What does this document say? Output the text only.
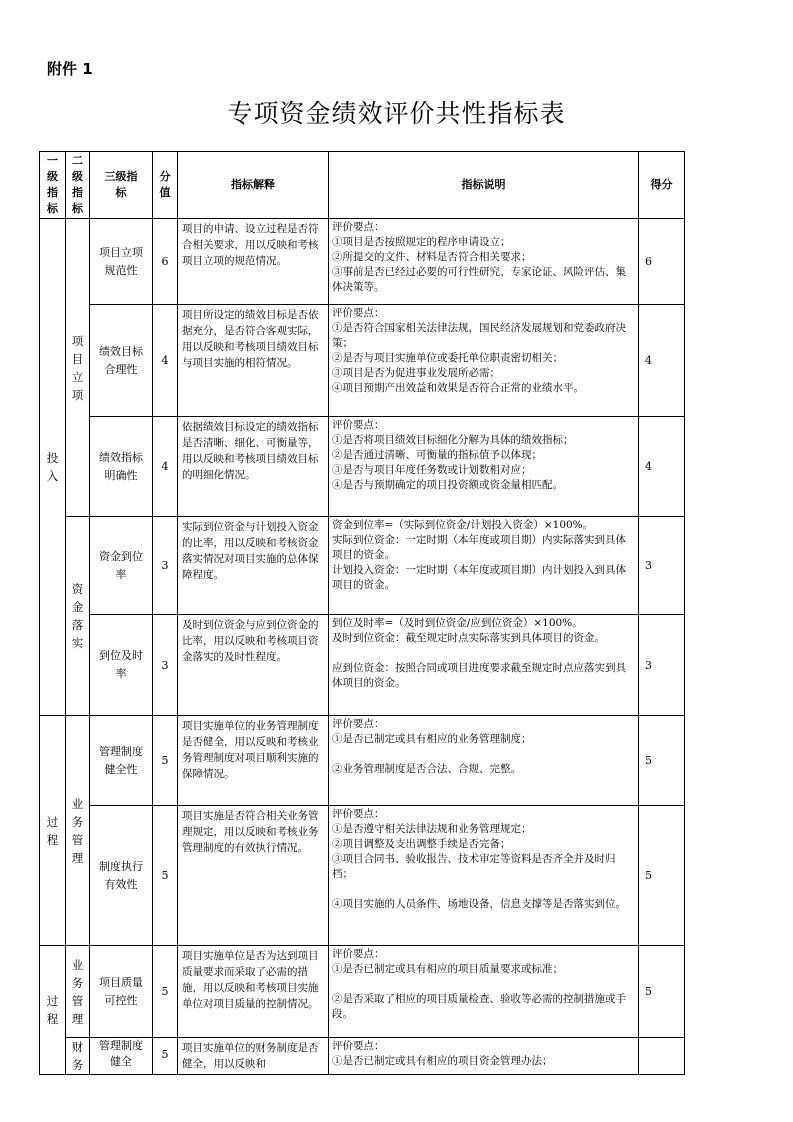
附件 1
专项资金绩效评价共性指标表
一级指标	二级指标	三级指标	分值	指标解释	指标说明	得分
投入	项目立项	项目立项规范性	6	项目的申请、设立过程是否符合相关要求，用以反映和考核项目立项的规范情况。	评价要点：
①项目是否按照规定的程序申请设立；
②所提交的文件、材料是否符合相关要求；
③事前是否已经过必要的可行性研究、专家论证、风险评估、集体决策等。	6
		绩效目标合理性	4	项目所设定的绩效目标是否依据充分，是否符合客观实际，用以反映和考核项目绩效目标与项目实施的相符情况。	评价要点：
①是否符合国家相关法律法规，国民经济发展规划和党委政府决策；
②是否与项目实施单位或委托单位职责密切相关；
③项目是否为促进事业发展所必需；
④项目预期产出效益和效果是否符合正常的业绩水平。	4
		绩效指标明确性	4	依据绩效目标设定的绩效指标是否清晰、细化、可衡量等，用以反映和考核项目绩效目标的明细化情况。	评价要点：
①是否将项目绩效目标细化分解为具体的绩效指标；
②是否通过清晰、可衡量的指标值予以体现；
③是否与项目年度任务数或计划数相对应；
④是否与预期确定的项目投资额或资金量相匹配。	4
	资金落实	资金到位率	3	实际到位资金与计划投入资金的比率，用以反映和考核资金落实情况对项目实施的总体保障程度。	资金到位率=（实际到位资金/计划投入资金）×100%。
实际到位资金：一定时期（本年度或项目期）内实际落实到具体项目的资金。
计划投入资金：一定时期（本年度或项目期）内计划投入到具体项目的资金。	3
		到位及时率	3	及时到位资金与应到位资金的比率，用以反映和考核项目资金落实的及时性程度。	到位及时率=（及时到位资金/应到位资金）×100%。
及时到位资金：截至规定时点实际落实到具体项目的资金。
应到位资金：按照合同或项目进度要求截至规定时点应落实到具体项目的资金。	3
过程	业务管理	管理制度健全性	5	项目实施单位的业务管理制度是否健全，用以反映和考核业务管理制度对项目顺利实施的保障情况。	评价要点：
①是否已制定或具有相应的业务管理制度；
②业务管理制度是否合法、合规、完整。	5
		制度执行有效性	5	项目实施是否符合相关业务管理规定，用以反映和考核业务管理制度的有效执行情况。	评价要点：
①是否遵守相关法律法规和业务管理规定；
②项目调整及支出调整手续是否完备；
③项目合同书、验收报告、技术审定等资料是否齐全并及时归档；
④项目实施的人员条件、场地设备，信息支撑等是否落实到位。	5
过程	业务管理	项目质量可控性	5	项目实施单位是否为达到项目质量要求而采取了必需的措施，用以反映和考核项目实施单位对项目质量的控制情况。	评价要点：
①是否已制定或具有相应的项目质量要求或标准；
②是否采取了相应的项目质量检查、验收等必需的控制措施或手段。	5
	财务	管理制度健全	5	项目实施单位的财务制度是否健全，用以反映和	评价要点：
①是否已制定或具有相应的项目资金管理办法；	
